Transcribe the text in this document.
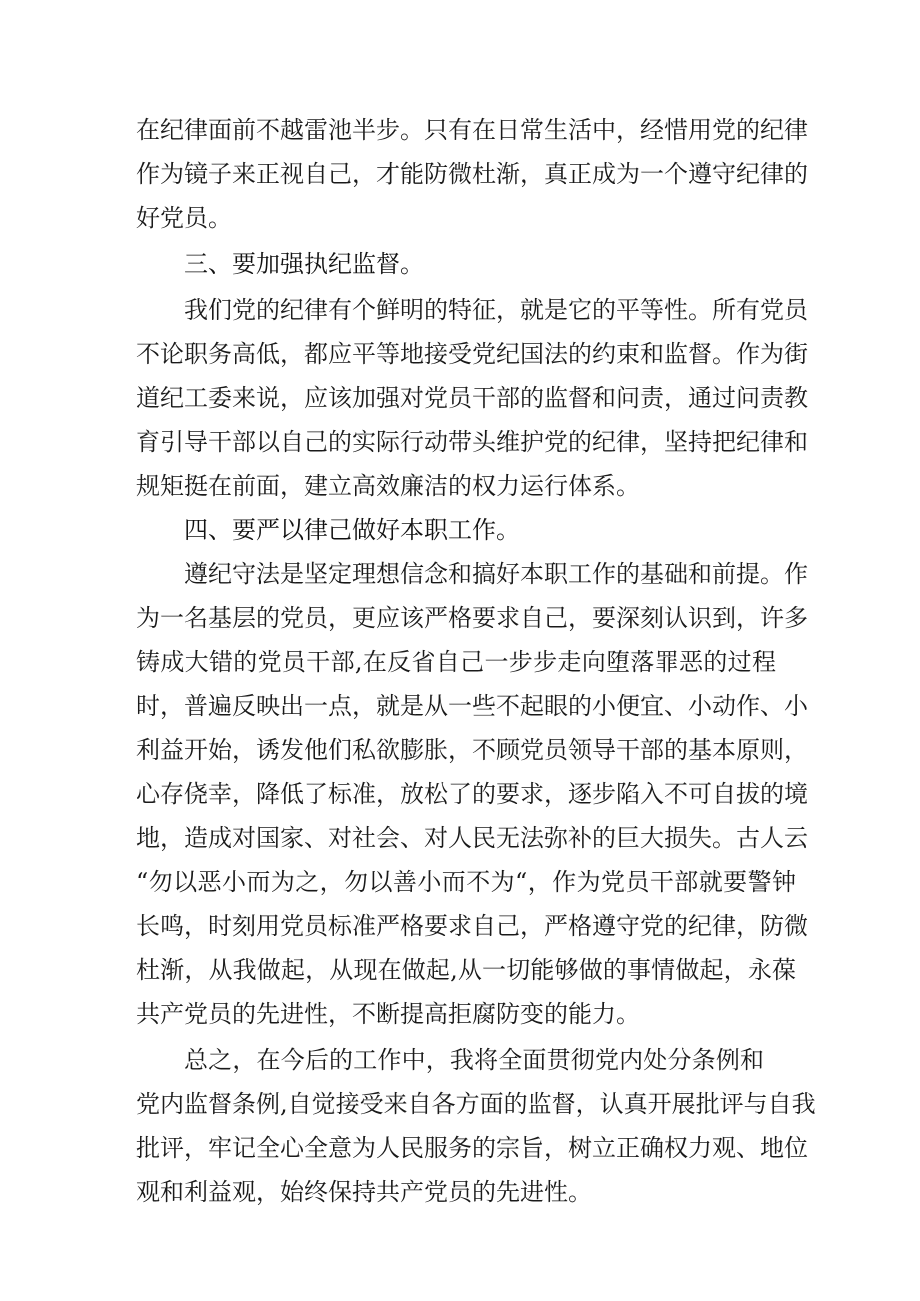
在纪律面前不越雷池半步。只有在日常生活中，经惜用党的纪律
作为镜子来正视自己，才能防微杜渐，真正成为一个遵守纪律的
好党员。
三、要加强执纪监督。
我们党的纪律有个鲜明的特征，就是它的平等性。所有党员
不论职务高低，都应平等地接受党纪国法的约束和监督。作为街
道纪工委来说，应该加强对党员干部的监督和问责，通过问责教
育引导干部以自己的实际行动带头维护党的纪律，坚持把纪律和
规矩挺在前面，建立高效廉洁的权力运行体系。
四、要严以律己做好本职工作。
遵纪守法是坚定理想信念和搞好本职工作的基础和前提。作
为一名基层的党员，更应该严格要求自己，要深刻认识到，许多
铸成大错的党员干部,在反省自己一步步走向堕落罪恶的过程
时，普遍反映出一点，就是从一些不起眼的小便宜、小动作、小
利益开始，诱发他们私欲膨胀，不顾党员领导干部的基本原则，
心存侥幸，降低了标准，放松了的要求，逐步陷入不可自拔的境
地，造成对国家、对社会、对人民无法弥补的巨大损失。古人云
“勿以恶小而为之，勿以善小而不为“，作为党员干部就要警钟
长鸣，时刻用党员标准严格要求自己，严格遵守党的纪律，防微
杜渐，从我做起，从现在做起,从一切能够做的事情做起，永葆
共产党员的先进性，不断提高拒腐防变的能力。
总之，在今后的工作中，我将全面贯彻党内处分条例和
党内监督条例,自觉接受来自各方面的监督，认真开展批评与自我
批评，牢记全心全意为人民服务的宗旨，树立正确权力观、地位
观和利益观，始终保持共产党员的先进性。
